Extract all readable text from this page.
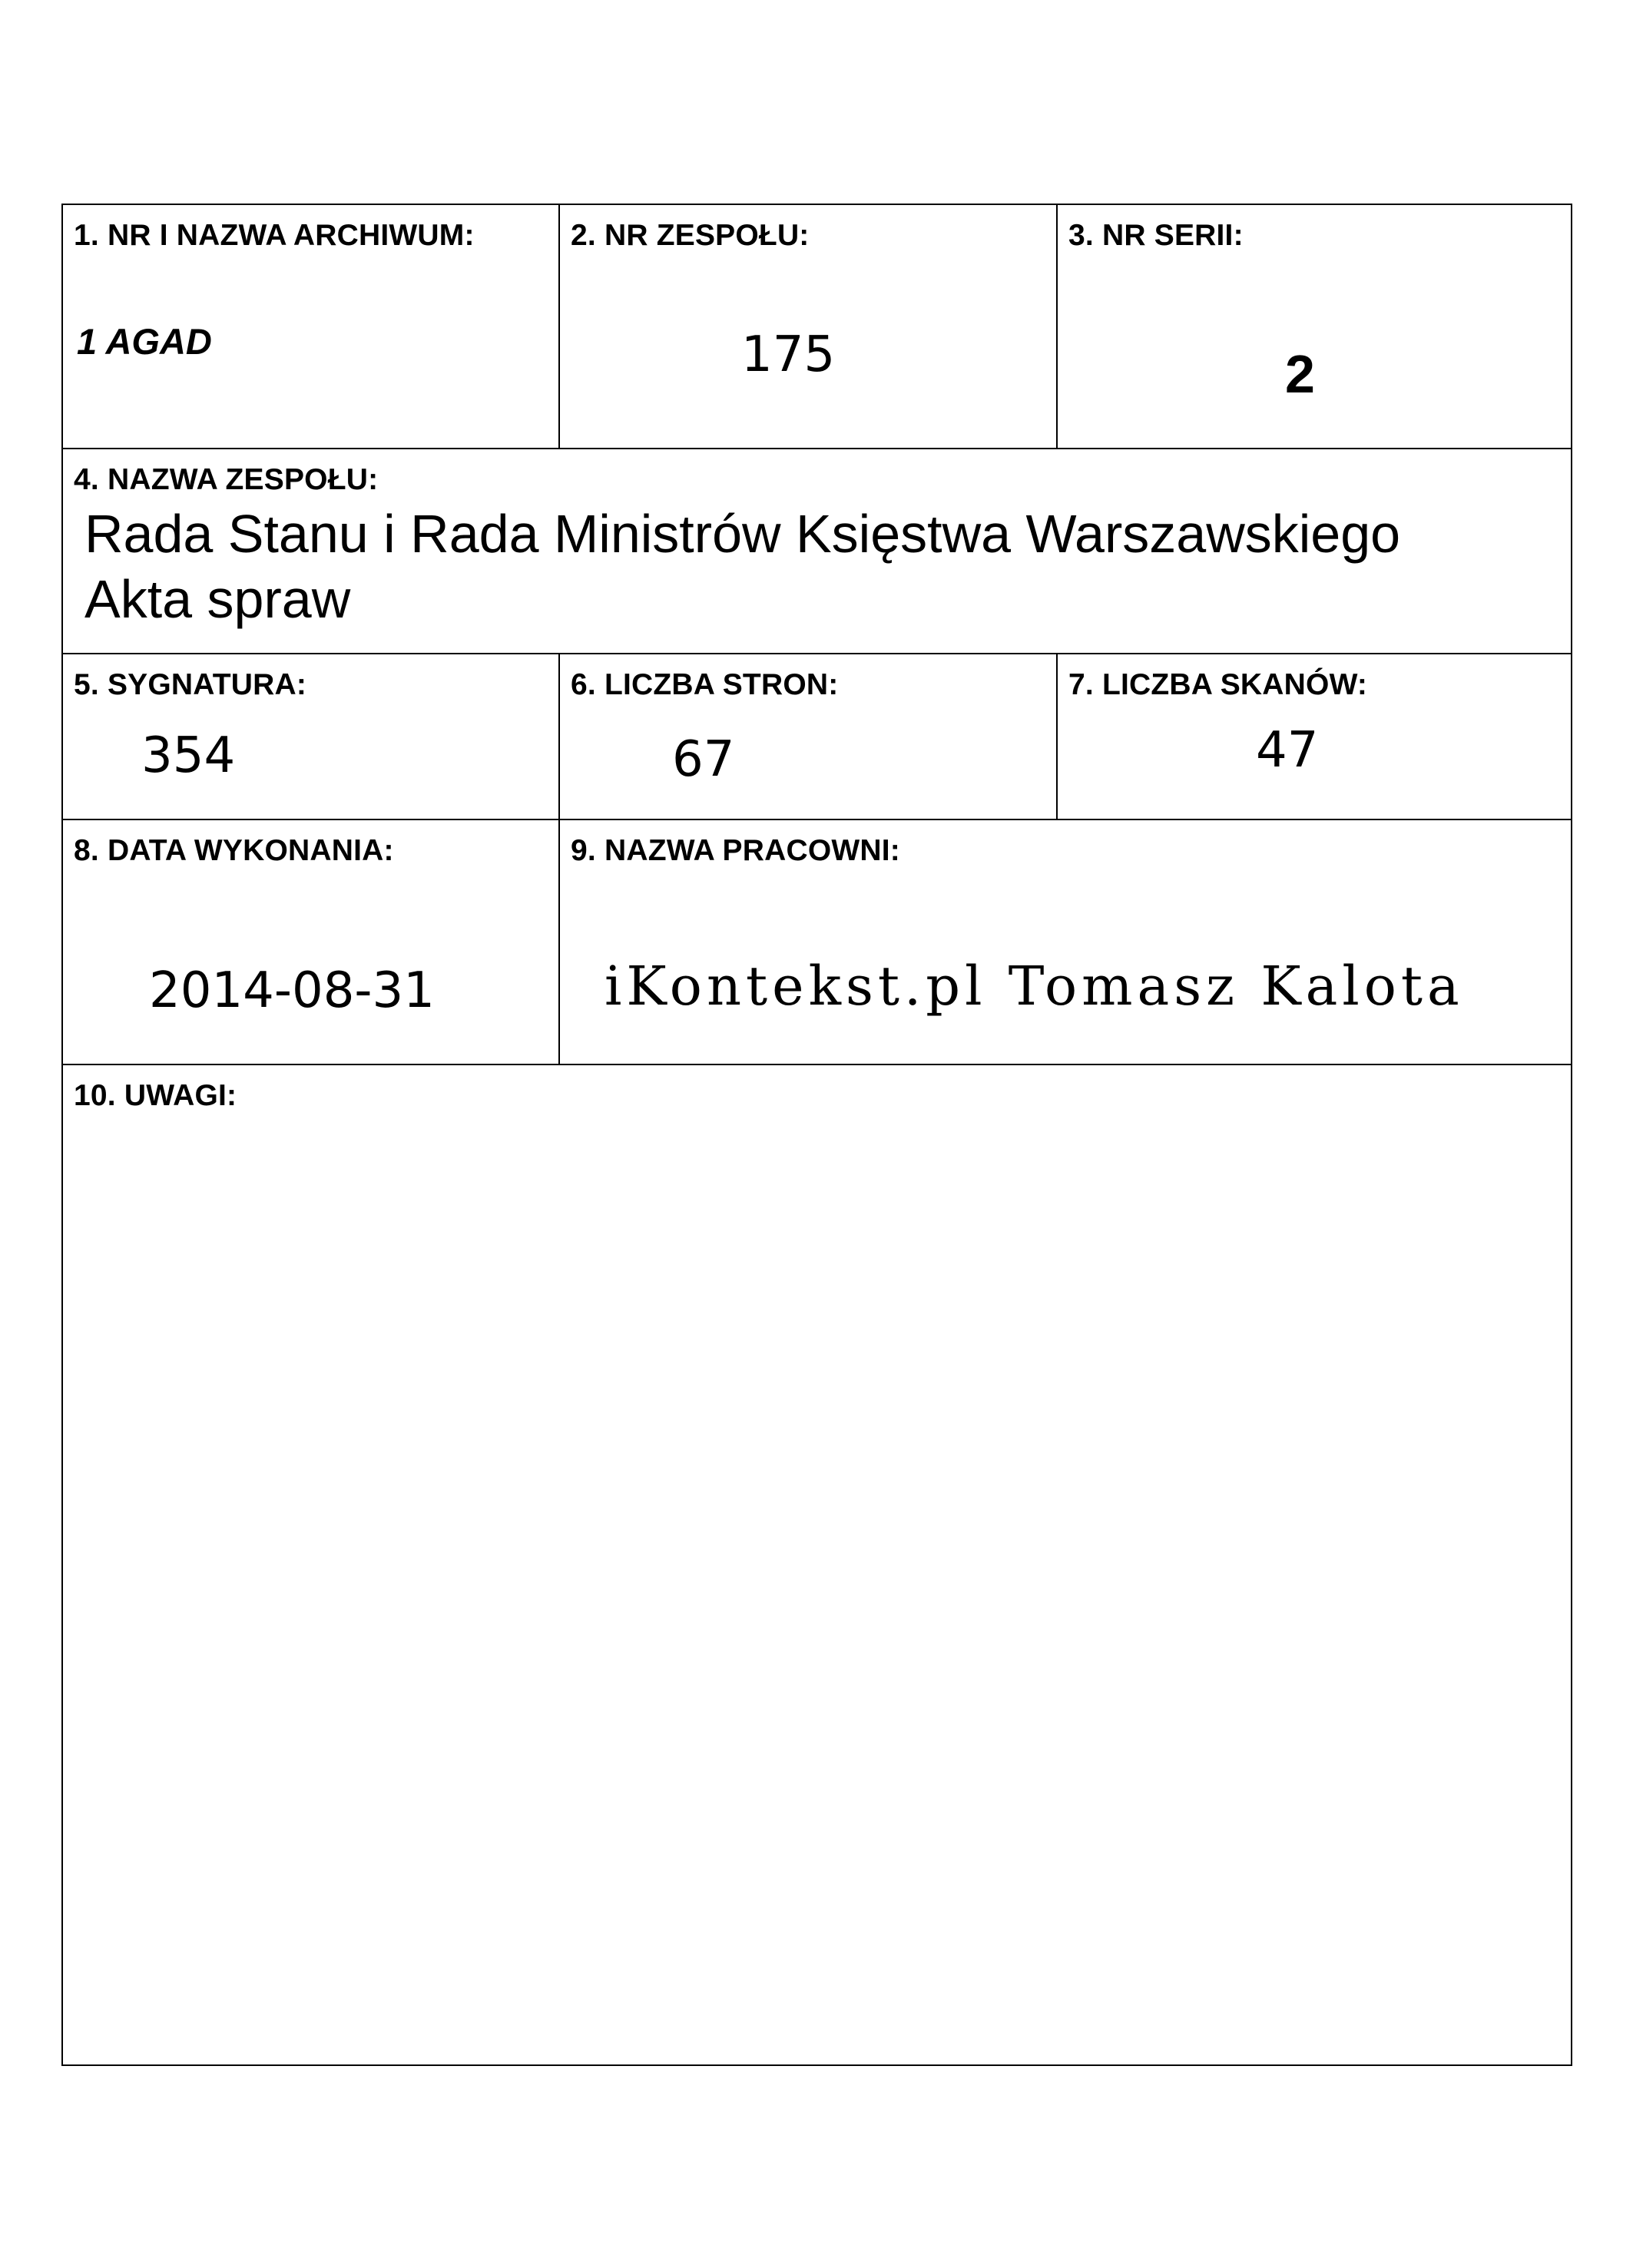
1. NR I NAZWA ARCHIWUM:
1 AGAD
2. NR ZESPOŁU:
175
3. NR SERII:
2
4. NAZWA ZESPOŁU:
Rada Stanu i Rada Ministrów Księstwa Warszawskiego
Akta spraw
5. SYGNATURA:
354
6. LICZBA STRON:
67
7. LICZBA SKANÓW:
47
8. DATA WYKONANIA:
2014-08-31
9. NAZWA PRACOWNI:
iKontekst.pl Tomasz Kalota
10. UWAGI:
